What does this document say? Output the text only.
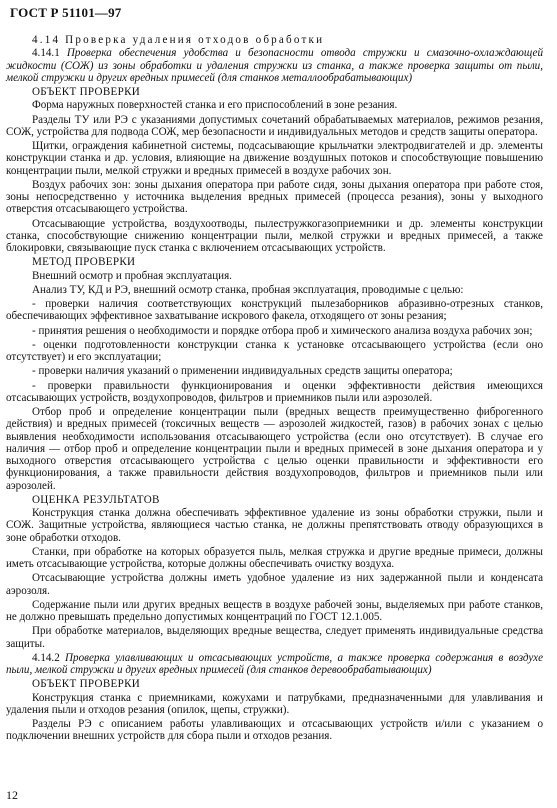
ГОСТ Р 51101—97
4.14 Проверка удаления отходов обработки
4.14.1 Проверка обеспечения удобства и безопасности отвода стружки и смазочно-охлаждающей жидкости (СОЖ) из зоны обработки и удаления стружки из станка, а также проверка защиты от пыли, мелкой стружки и других вредных примесей (для станков металлообрабатывающих)
ОБЪЕКТ ПРОВЕРКИ
Форма наружных поверхностей станка и его приспособлений в зоне резания.
Разделы ТУ или РЭ с указаниями допустимых сочетаний обрабатываемых материалов, режимов резания, СОЖ, устройства для подвода СОЖ, мер безопасности и индивидуальных методов и средств защиты оператора.
Щитки, ограждения кабинетной системы, подсасывающие крыльчатки электродвигателей и др. элементы конструкции станка и др. условия, влияющие на движение воздушных потоков и способствующие повышению концентрации пыли, мелкой стружки и вредных примесей в воздухе рабочих зон.
Воздух рабочих зон: зоны дыхания оператора при работе сидя, зоны дыхания оператора при работе стоя, зоны непосредственно у источника выделения вредных примесей (процесса резания), зоны у выходного отверстия отсасывающего устройства.
Отсасывающие устройства, воздухоотводы, пылестружкогазоприемники и др. элементы конструкции станка, способствующие снижению концентрации пыли, мелкой стружки и вредных примесей, а также блокировки, связывающие пуск станка с включением отсасывающих устройств.
МЕТОД ПРОВЕРКИ
Внешний осмотр и пробная эксплуатация.
Анализ ТУ, КД и РЭ, внешний осмотр станка, пробная эксплуатация, проводимые с целью:
- проверки наличия соответствующих конструкций пылезаборников абразивно-отрезных станков, обеспечивающих эффективное захватывание искрового факела, отходящего от зоны резания;
- принятия решения о необходимости и порядке отбора проб и химического анализа воздуха рабочих зон;
- оценки подготовленности конструкции станка к установке отсасывающего устройства (если оно отсутствует) и его эксплуатации;
- проверки наличия указаний о применении индивидуальных средств защиты оператора;
- проверки правильности функционирования и оценки эффективности действия имеющихся отсасывающих устройств, воздухопроводов, фильтров и приемников пыли или аэрозолей.
Отбор проб и определение концентрации пыли (вредных веществ преимущественно фиброгенного действия) и вредных примесей (токсичных веществ — аэрозолей жидкостей, газов) в рабочих зонах с целью выявления необходимости использования отсасывающего устройства (если оно отсутствует). В случае его наличия — отбор проб и определение концентрации пыли и вредных примесей в зоне дыхания оператора и у выходного отверстия отсасывающего устройства с целью оценки правильности и эффективности его функционирования, а также правильности действия воздухопроводов, фильтров и приемников пыли или аэрозолей.
ОЦЕНКА РЕЗУЛЬТАТОВ
Конструкция станка должна обеспечивать эффективное удаление из зоны обработки стружки, пыли и СОЖ. Защитные устройства, являющиеся частью станка, не должны препятствовать отводу образующихся в зоне обработки отходов.
Станки, при обработке на которых образуется пыль, мелкая стружка и другие вредные примеси, должны иметь отсасывающие устройства, которые должны обеспечивать очистку воздуха.
Отсасывающие устройства должны иметь удобное удаление из них задержанной пыли и конденсата аэрозоля.
Содержание пыли или других вредных веществ в воздухе рабочей зоны, выделяемых при работе станков, не должно превышать предельно допустимых концентраций по ГОСТ 12.1.005.
При обработке материалов, выделяющих вредные вещества, следует применять индивидуальные средства защиты.
4.14.2 Проверка улавливающих и отсасывающих устройств, а также проверка содержания в воздухе пыли, мелкой стружки и других вредных примесей (для станков деревообрабатывающих)
ОБЪЕКТ ПРОВЕРКИ
Конструкция станка с приемниками, кожухами и патрубками, предназначенными для улавливания и удаления пыли и отходов резания (опилок, щепы, стружки).
Разделы РЭ с описанием работы улавливающих и отсасывающих устройств и/или с указанием о подключении внешних устройств для сбора пыли и отходов резания.
12
